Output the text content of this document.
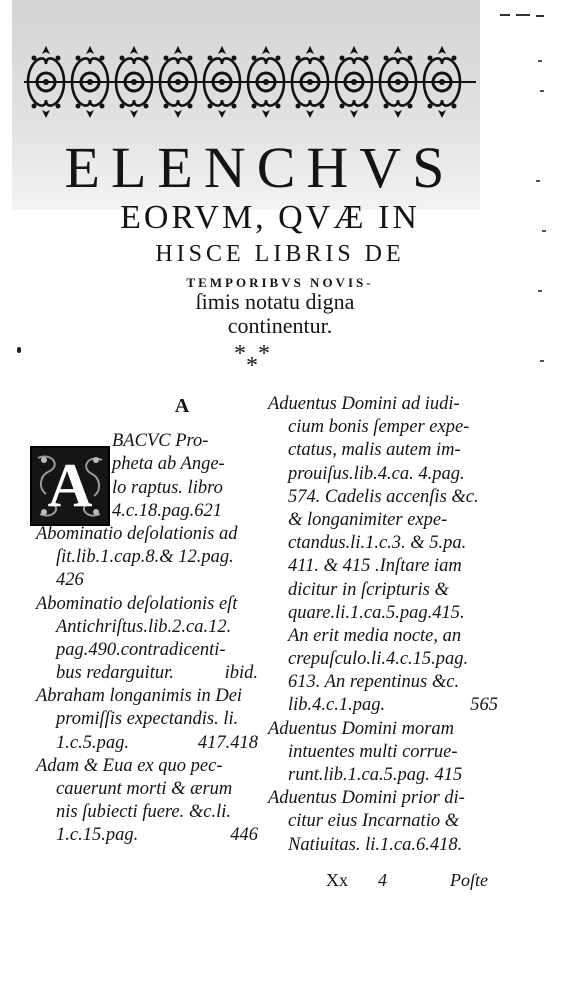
ELENCHVS
EORVM, QVÆ IN
HISCE LIBRIS DE
TEMPORIBVS NOVIS-
ſimis notatu digna
continentur.
* *
*
A
A
BACVC Pro-
pheta ab Ange-
lo raptus. libro
4.c.18.pag.621
Abominatio deſolationis ad
ſit.lib.1.cap.8.& 12.pag.
426
Abominatio deſolationis eſt
Antichriſtus.lib.2.ca.12.
pag.490.contradicenti-
bus redarguitur.	ibid.
Abraham longanimis in Dei
promiſſis expectandis. li.
1.c.5.pag.	417.418
Adam & Eua ex quo pec-
cauerunt morti & ærum
nis ſubiecti fuere. &c.li.
1.c.15.pag.	446
Aduentus Domini ad iudi-
cium bonis ſemper expe-
ctatus, malis autem im-
prouiſus.lib.4.ca. 4.pag.
574. Cadelis accenſis &c.
& longanimiter expe-
ctandus.li.1.c.3. & 5.pa.
411. & 415 .Inſtare iam
dicitur in ſcripturis &
quare.li.1.ca.5.pag.415.
An erit media nocte, an
crepuſculo.li.4.c.15.pag.
613. An repentinus &c.
lib.4.c.1.pag.	565
Aduentus Domini moram
intuentes multi corrue-
runt.lib.1.ca.5.pag. 415
Aduentus Domini prior di-
citur eius Incarnatio &
Natiuitas. li.1.ca.6.418.
Xx 4	Poſte
